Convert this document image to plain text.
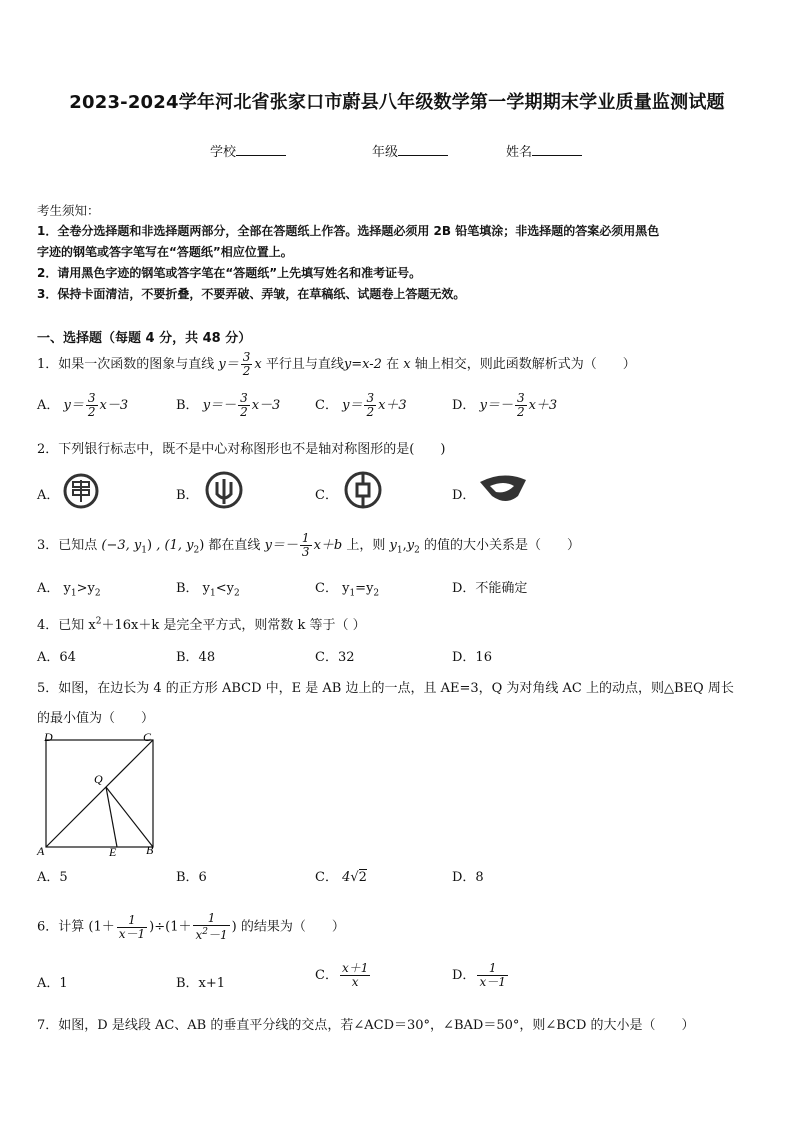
2023-2024学年河北省张家口市蔚县八年级数学第一学期期末学业质量监测试题
学校	年级	姓名
考生须知：
1．全卷分选择题和非选择题两部分，全部在答题纸上作答。选择题必须用 2B 铅笔填涂；非选择题的答案必须用黑色
字迹的钢笔或答字笔写在“答题纸”相应位置上。
2．请用黑色字迹的钢笔或答字笔在“答题纸”上先填写姓名和准考证号。
3．保持卡面清洁，不要折叠，不要弄破、弄皱，在草稿纸、试题卷上答题无效。
一、选择题（每题 4 分，共 48 分）
1．如果一次函数的图象与直线 $y= \frac{3}{2}$ x 平行且与直线y=x-2 在 x 轴上相交，则此函数解析式为（　　）
A． $y= \frac{3}{2} x-3$	B． $y=- \frac{3}{2} x-3$	C． $y= \frac{3}{2} x+3$	D． $y=- \frac{3}{2} x+3$
2．下列银行标志中，既不是中心对称图形也不是轴对称图形的是(　　)
A．	B．	C．	D．
3．已知点 (−3, $y_1$) , (1, $y_2$) 都在直线 $y=- \frac{1}{3} x+b$ 上，则 $y_1,y_2$ 的值的大小关系是（　　）
A． $y_1>y_2$	B． $y_1<y_2$	C． $y_1=y_2$	D．不能确定
4．已知 $x^2+16x+k$ 是完全平方式，则常数 k 等于（ ）
A．64	B．48	C．32	D．16
5．如图，在边长为 4 的正方形 ABCD 中，E 是 AB 边上的一点，且 AE=3，Q 为对角线 AC 上的动点，则△BEQ 周长
的最小值为（　　）
D	C
Q
A	E B
A．5	B．6	C． 4√2	D．8
6．计算 $(1+ \frac{1}{x-1} )\div(1+ \frac{1}{x^2-1}$ ) 的结果为（　　）
A．1	B．x+1
C． $\frac{x+1}{x}$	D． $\frac{1}{x-1}$
7．如图，D 是线段 AC、AB 的垂直平分线的交点，若∠ACD＝30°，∠BAD＝50°，则∠BCD 的大小是（　　）
